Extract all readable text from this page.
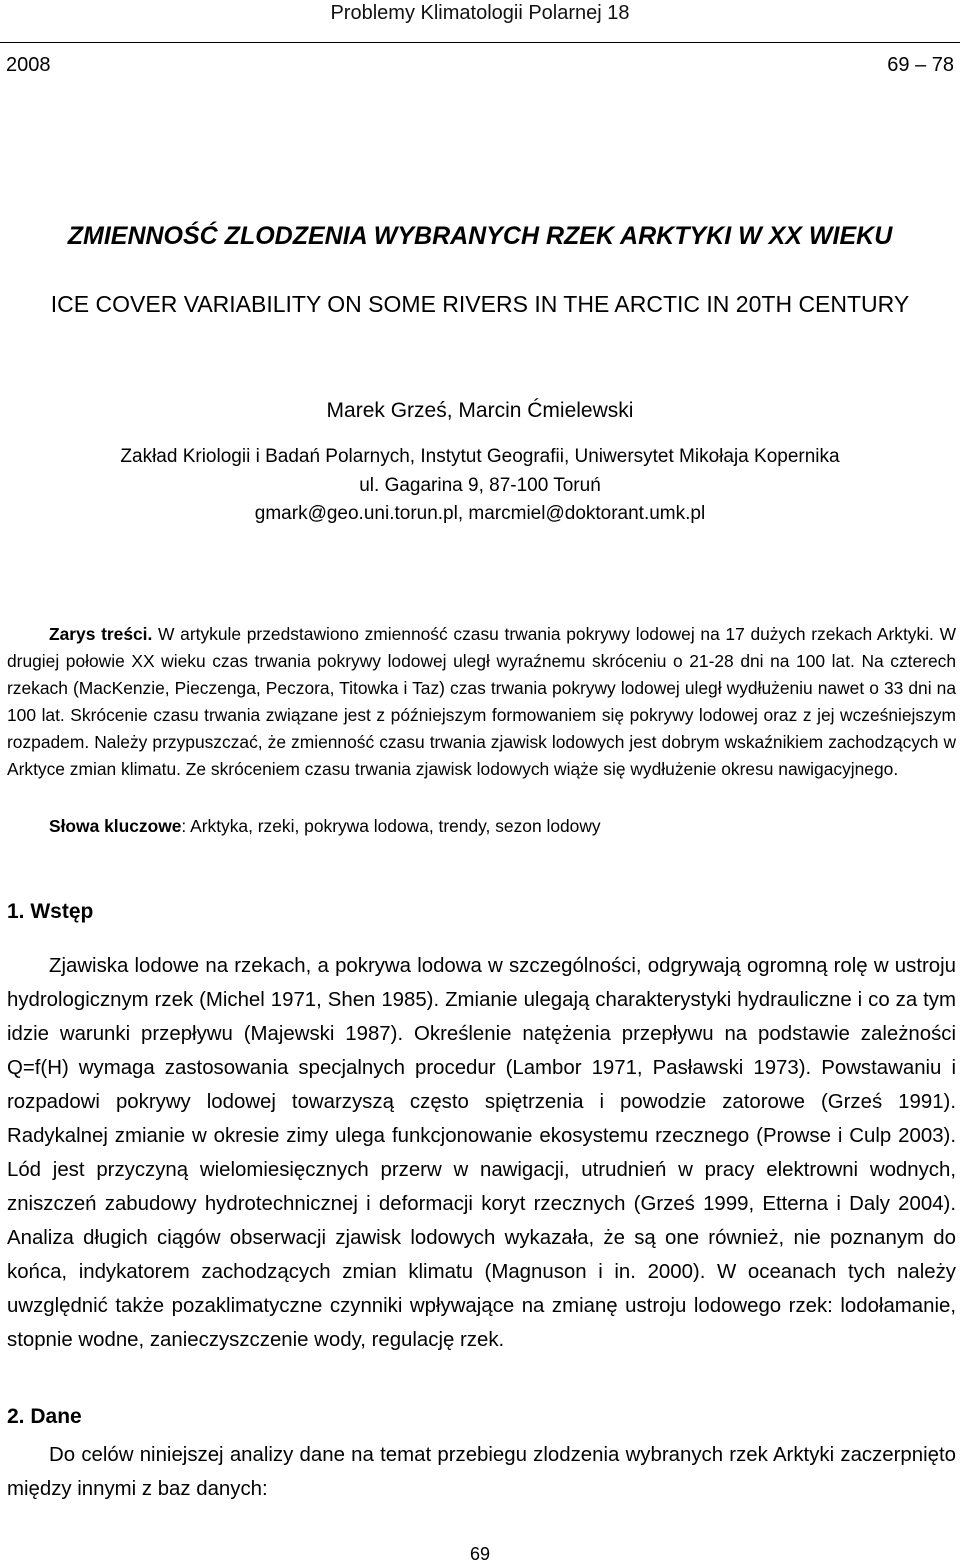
Problemy Klimatologii Polarnej 18
2008	69 – 78
ZMIENNOŚĆ ZLODZENIA WYBRANYCH RZEK ARKTYKI W XX WIEKU
ICE COVER VARIABILITY ON SOME RIVERS IN THE ARCTIC IN 20TH CENTURY
Marek Grześ, Marcin Ćmielewski
Zakład Kriologii i Badań Polarnych, Instytut Geografii, Uniwersytet Mikołaja Kopernika
ul. Gagarina 9, 87-100 Toruń
gmark@geo.uni.torun.pl, marcmiel@doktorant.umk.pl
Zarys treści. W artykule przedstawiono zmienność czasu trwania pokrywy lodowej na 17 dużych rzekach Arktyki. W drugiej połowie XX wieku czas trwania pokrywy lodowej uległ wyraźnemu skróceniu o 21-28 dni na 100 lat. Na czterech rzekach (MacKenzie, Pieczenga, Peczora, Titowka i Taz) czas trwania pokrywy lodowej uległ wydłużeniu nawet o 33 dni na 100 lat. Skrócenie czasu trwania związane jest z późniejszym formowaniem się pokrywy lodowej oraz z jej wcześniejszym rozpadem. Należy przypuszczać, że zmienność czasu trwania zjawisk lodowych jest dobrym wskaźnikiem zachodzących w Arktyce zmian klimatu. Ze skróceniem czasu trwania zjawisk lodowych wiąże się wydłużenie okresu nawigacyjnego.
Słowa kluczowe: Arktyka, rzeki, pokrywa lodowa, trendy, sezon lodowy
1. Wstęp
Zjawiska lodowe na rzekach, a pokrywa lodowa w szczególności, odgrywają ogromną rolę w ustroju hydrologicznym rzek (Michel 1971, Shen 1985). Zmianie ulegają charakterystyki hydrauliczne i co za tym idzie warunki przepływu (Majewski 1987). Określenie natężenia przepływu na podstawie zależności Q=f(H) wymaga zastosowania specjalnych procedur (Lambor 1971, Pasławski 1973). Powstawaniu i rozpadowi pokrywy lodowej towarzyszą często spiętrzenia i powodzie zatorowe (Grześ 1991). Radykalnej zmianie w okresie zimy ulega funkcjonowanie ekosystemu rzecznego (Prowse i Culp 2003). Lód jest przyczyną wielomiesięcznych przerw w nawigacji, utrudnień w pracy elektrowni wodnych, zniszczeń zabudowy hydrotechnicznej i deformacji koryt rzecznych (Grześ 1999, Etterna i Daly 2004). Analiza długich ciągów obserwacji zjawisk lodowych wykazała, że są one również, nie poznanym do końca, indykatorem zachodzących zmian klimatu (Magnuson i in. 2000). W oceanach tych należy uwzględnić także pozaklimatyczne czynniki wpływające na zmianę ustroju lodowego rzek: lodołamanie, stopnie wodne, zanieczyszczenie wody, regulację rzek.
2. Dane
Do celów niniejszej analizy dane na temat przebiegu zlodzenia wybranych rzek Arktyki zaczerpnięto między innymi z baz danych:
69
